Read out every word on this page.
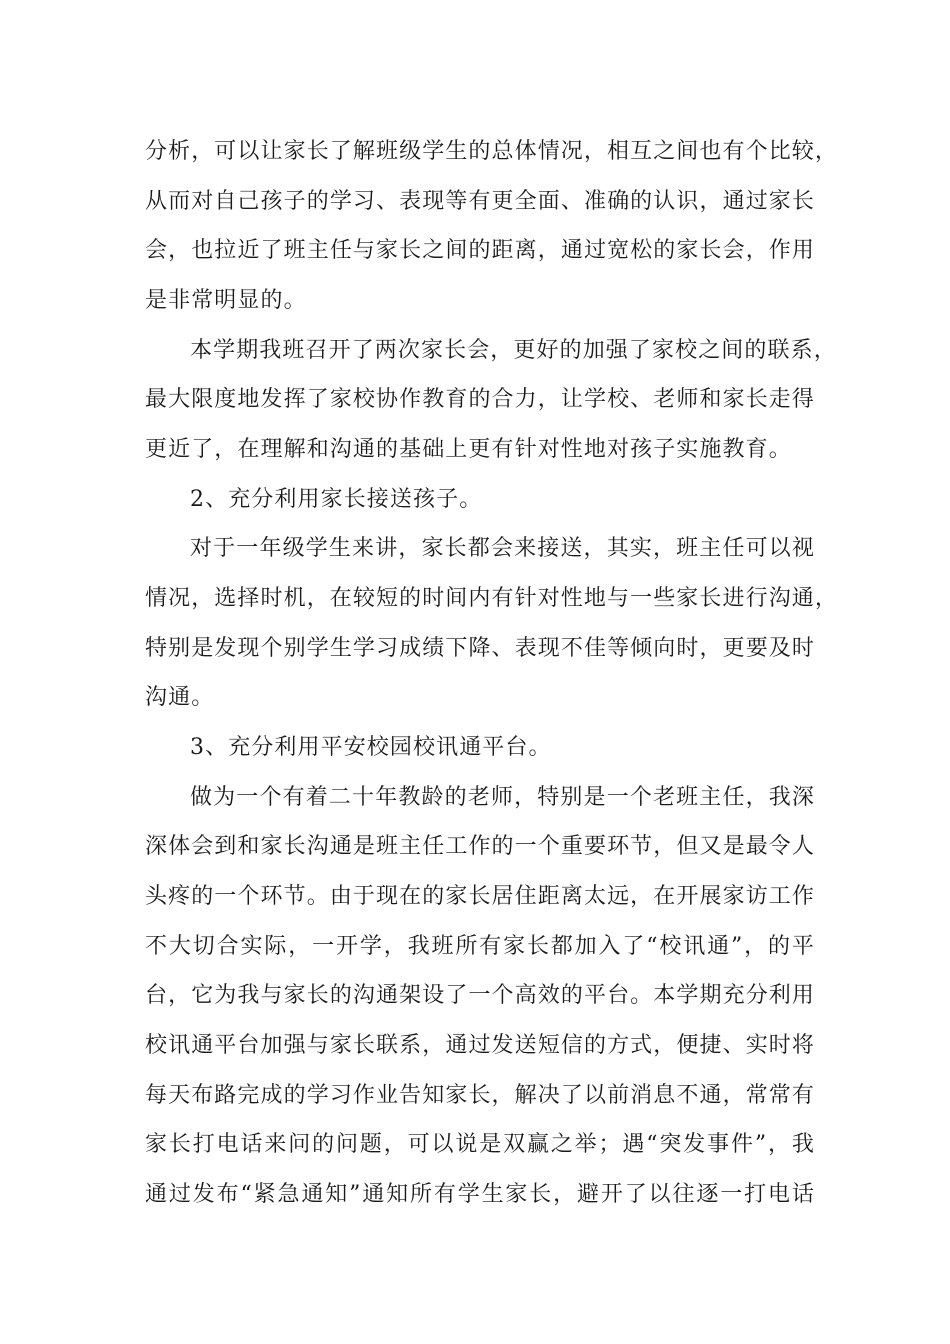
分析，可以让家长了解班级学生的总体情况，相互之间也有个比较，
从而对自己孩子的学习、表现等有更全面、准确的认识，通过家长
会，也拉近了班主任与家长之间的距离，通过宽松的家长会，作用
是非常明显的。
本学期我班召开了两次家长会，更好的加强了家校之间的联系，
最大限度地发挥了家校协作教育的合力，让学校、老师和家长走得
更近了，在理解和沟通的基础上更有针对性地对孩子实施教育。
2、充分利用家长接送孩子。
对于一年级学生来讲，家长都会来接送，其实，班主任可以视
情况，选择时机，在较短的时间内有针对性地与一些家长进行沟通，
特别是发现个别学生学习成绩下降、表现不佳等倾向时，更要及时
沟通。
3、充分利用平安校园校讯通平台。
做为一个有着二十年教龄的老师，特别是一个老班主任，我深
深体会到和家长沟通是班主任工作的一个重要环节，但又是最令人
头疼的一个环节。由于现在的家长居住距离太远，在开展家访工作
不大切合实际，一开学，我班所有家长都加入了“校讯通”，的平
台，它为我与家长的沟通架设了一个高效的平台。本学期充分利用
校讯通平台加强与家长联系，通过发送短信的方式，便捷、实时将
每天布路完成的学习作业告知家长，解决了以前消息不通，常常有
家长打电话来问的问题，可以说是双赢之举；遇“突发事件”，我
通过发布“紧急通知”通知所有学生家长，避开了以往逐一打电话
